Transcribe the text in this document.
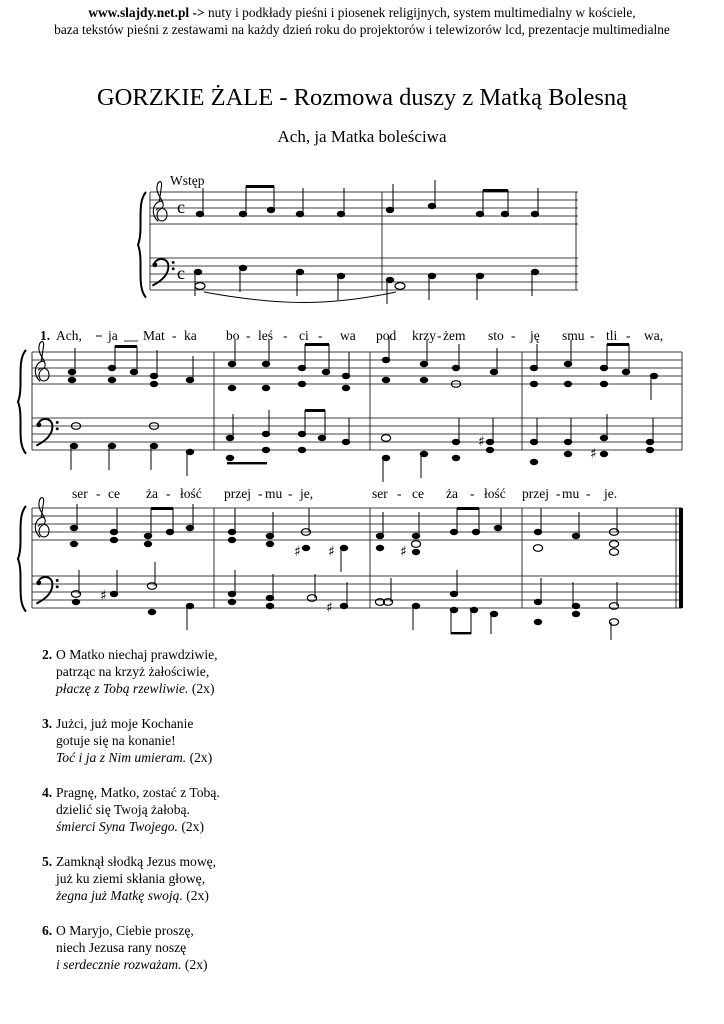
www.slajdy.net.pl -> nuty i podkłady pieśni i piosenek religijnych, system multimedialny w kościele,
baza tekstów pieśni z zestawami na każdy dzień roku do projektorów i telewizorów lcd, prezentacje multimedialne
GORZKIE ŻALE - Rozmowa duszy z Matką Bolesną
Ach, ja Matka boleściwa
Wstęp
c
c
1. Ach, ja Mat - ka bo - leś - ci - wa pod krzy - żem sto - ję smu - tli - wa,
♯
♯
ser - ce ża - łość przej - mu - je,	ser - ce ża - łość przej - mu - je.
♯
♯ ♯	♯
♯
2. O Matko niechaj prawdziwie,
patrząc na krzyż żałościwie,
płaczę z Tobą rzewliwie. (2x)
3. Jużci, już moje Kochanie
gotuje się na konanie!
Toć i ja z Nim umieram. (2x)
4. Pragnę, Matko, zostać z Tobą.
dzielić się Twoją żałobą.
śmierci Syna Twojego. (2x)
5. Zamknął słodką Jezus mowę,
już ku ziemi skłania głowę,
żegna już Matkę swoją. (2x)
6. O Maryjo, Ciebie proszę,
niech Jezusa rany noszę
i serdecznie rozważam. (2x)
